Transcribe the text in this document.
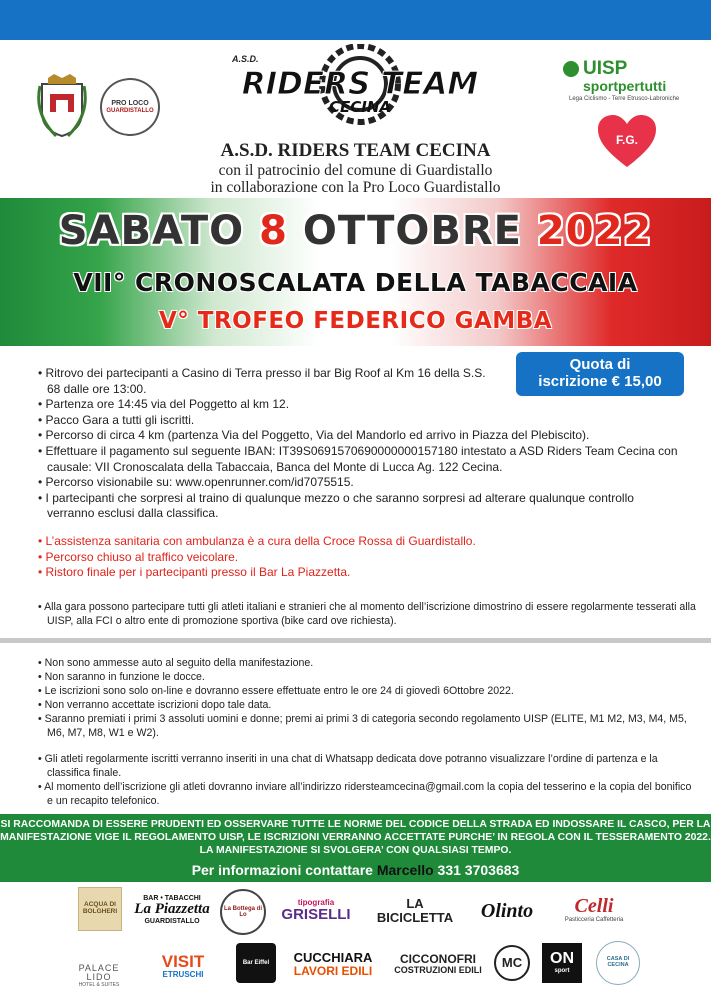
PRO LOCO
GUARDISTALLO
A.S.D.
RIDERS TEAM
CECINA
A.S.D. RIDERS TEAM CECINA
con il patrocinio del comune di Guardistallo
in collaborazione con la Pro Loco Guardistallo
UISP
sportpertutti
Lega Ciclismo - Terre Etrusco-Labroniche
F.G.
SABATO 8 OTTOBRE 2022
VII° CRONOSCALATA DELLA TABACCAIA
V° TROFEO FEDERICO GAMBA
Quota di
iscrizione € 15,00
• Ritrovo dei partecipanti a Casino di Terra presso il bar Big Roof al Km 16 della S.S. 68 dalle ore 13:00.
• Partenza ore 14:45 via del Poggetto al km 12.
• Pacco Gara a tutti gli iscritti.
• Percorso di circa 4 km (partenza Via del Poggetto, Via del Mandorlo ed arrivo in Piazza del Plebiscito).
• Effettuare il pagamento sul seguente IBAN: IT39S0691570690000000157180 intestato a ASD Riders Team Cecina con causale: VII Cronoscalata della Tabaccaia, Banca del Monte di Lucca Ag. 122 Cecina.
• Percorso visionabile su: www.openrunner.com/id7075515.
• I partecipanti che sorpresi al traino di qualunque mezzo o che saranno sorpresi ad alterare qualunque controllo verranno esclusi dalla classifica.
• L’assistenza sanitaria con ambulanza è a cura della Croce Rossa di Guardistallo.
• Percorso chiuso al traffico veicolare.
• Ristoro finale per i partecipanti presso il Bar La Piazzetta.
• Alla gara possono partecipare tutti gli atleti italiani e stranieri che al momento dell’iscrizione dimostrino di essere regolarmente tesserati alla UISP, alla FCI o altro ente di promozione sportiva (bike card ove richiesta).
• Non sono ammesse auto al seguito della manifestazione.
• Non saranno in funzione le docce.
• Le iscrizioni sono solo on-line e dovranno essere effettuate entro le ore 24 di giovedì 6Ottobre 2022.
• Non verranno accettate iscrizioni dopo tale data.
• Saranno premiati i primi 3 assoluti uomini e donne; premi ai primi 3 di categoria secondo regolamento UISP (ELITE, M1 M2, M3, M4, M5, M6, M7, M8, W1 e W2).
• Gli atleti regolarmente iscritti verranno inseriti in una chat di Whatsapp dedicata dove potranno visualizzare l’ordine di partenza e la classifica finale.
• Al momento dell’iscrizione gli atleti dovranno inviare all’indirizzo ridersteamcecina@gmail.com la copia del tesserino e la copia del bonifico e un recapito telefonico.
SI RACCOMANDA DI ESSERE PRUDENTI ED OSSERVARE TUTTE LE NORME DEL CODICE DELLA STRADA ED INDOSSARE IL CASCO, PER LA MANIFESTAZIONE VIGE IL REGOLAMENTO UISP, LE ISCRIZIONI VERRANNO ACCETTATE PURCHE’ IN REGOLA CON IL TESSERAMENTO 2022. LA MANIFESTAZIONE SI SVOLGERA’ CON QUALSIASI TEMPO.
Per informazioni contattare Marcello 331 3703683
ACQUA DI BOLGHERI
BAR • TABACCHI
La Piazzetta
GUARDISTALLO
La Bottega di Lo
tipografia
GRISELLI
LA BICICLETTA	Olinto Celli
Pasticceria Caffetteria
PALACE LIDO
HOTEL & SUITES
VISIT
ETRUSCHI
Bar Eiffel CUCCHIARA
LAVORI EDILI
CICCONOFRI
COSTRUZIONI EDILI MC ON
sport
CASA DI CECINA
